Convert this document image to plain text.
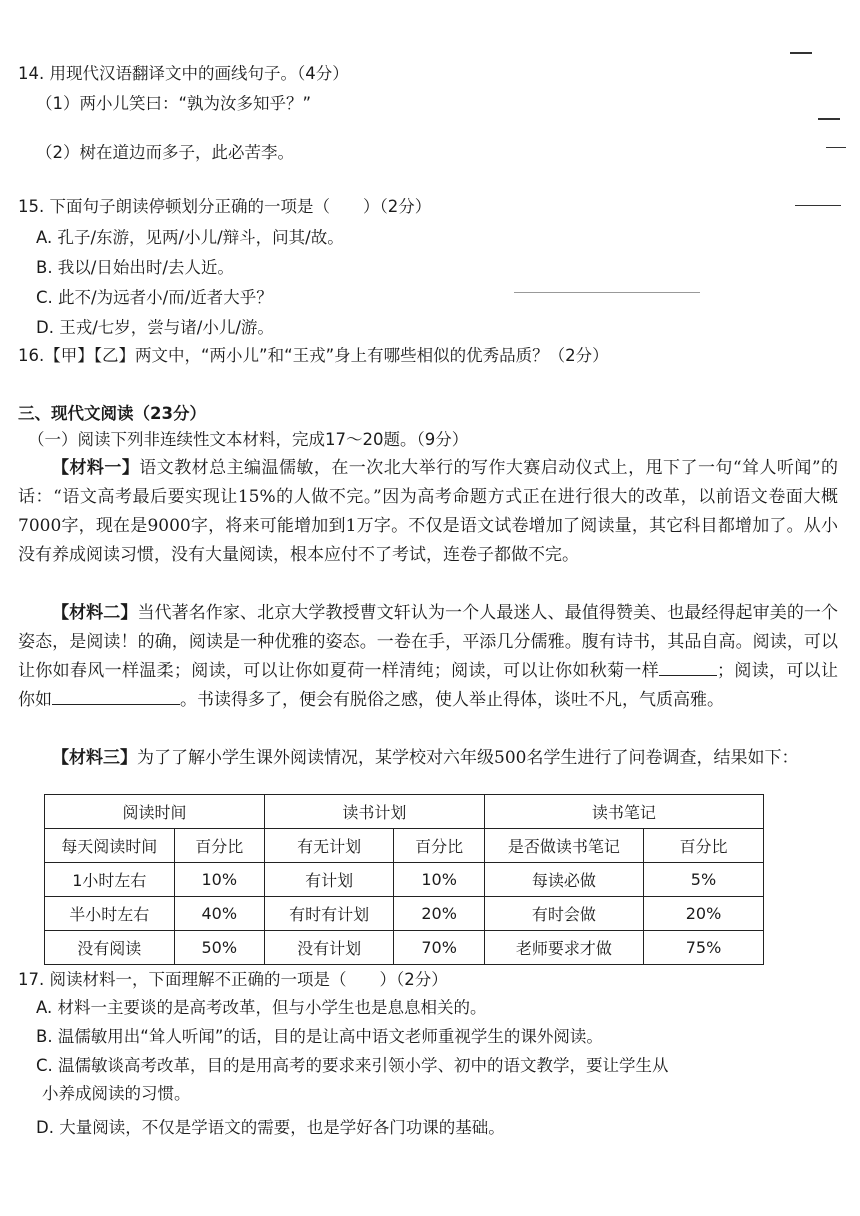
14. 用现代汉语翻译文中的画线句子。（4分）
（1）两小儿笑曰：“孰为汝多知乎？”
（2）树在道边而多子，此必苦李。
15. 下面句子朗读停顿划分正确的一项是（　　）（2分）
A. 孔子/东游，见两/小儿/辩斗，问其/故。
B. 我以/日始出时/去人近。
C. 此不/为远者小/而/近者大乎？
D. 王戎/七岁，尝与诸/小儿/游。
16.【甲】【乙】两文中，“两小儿”和“王戎”身上有哪些相似的优秀品质？（2分）
三、现代文阅读（23分）
（一）阅读下列非连续性文本材料，完成17～20题。（9分）
【材料一】语文教材总主编温儒敏，在一次北大举行的写作大赛启动仪式上，甩下了一句“耸人听闻”的话：“语文高考最后要实现让15%的人做不完。”因为高考命题方式正在进行很大的改革，以前语文卷面大概7000字，现在是9000字，将来可能增加到1万字。不仅是语文试卷增加了阅读量，其它科目都增加了。从小没有养成阅读习惯，没有大量阅读，根本应付不了考试，连卷子都做不完。
【材料二】当代著名作家、北京大学教授曹文轩认为一个人最迷人、最值得赞美、也最经得起审美的一个姿态，是阅读！的确，阅读是一种优雅的姿态。一卷在手，平添几分儒雅。腹有诗书，其品自高。阅读，可以让你如春风一样温柔；阅读，可以让你如夏荷一样清纯；阅读，可以让你如秋菊一样	；阅读，可以让你如	。书读得多了，便会有脱俗之感，使人举止得体，谈吐不凡，气质高雅。
【材料三】为了了解小学生课外阅读情况，某学校对六年级500名学生进行了问卷调查，结果如下：
阅读时间		读书计划		读书笔记	
每天阅读时间	百分比	有无计划	百分比	是否做读书笔记	百分比
1小时左右	10%	有计划	10%	每读必做	5%
半小时左右	40%	有时有计划	20%	有时会做	20%
没有阅读	50%	没有计划	70%	老师要求才做	75%
17. 阅读材料一，下面理解不正确的一项是（　　）（2分）
A. 材料一主要谈的是高考改革，但与小学生也是息息相关的。
B. 温儒敏用出“耸人听闻”的话，目的是让高中语文老师重视学生的课外阅读。
C. 温儒敏谈高考改革，目的是用高考的要求来引领小学、初中的语文教学，要让学生从
小养成阅读的习惯。
D. 大量阅读，不仅是学语文的需要，也是学好各门功课的基础。
